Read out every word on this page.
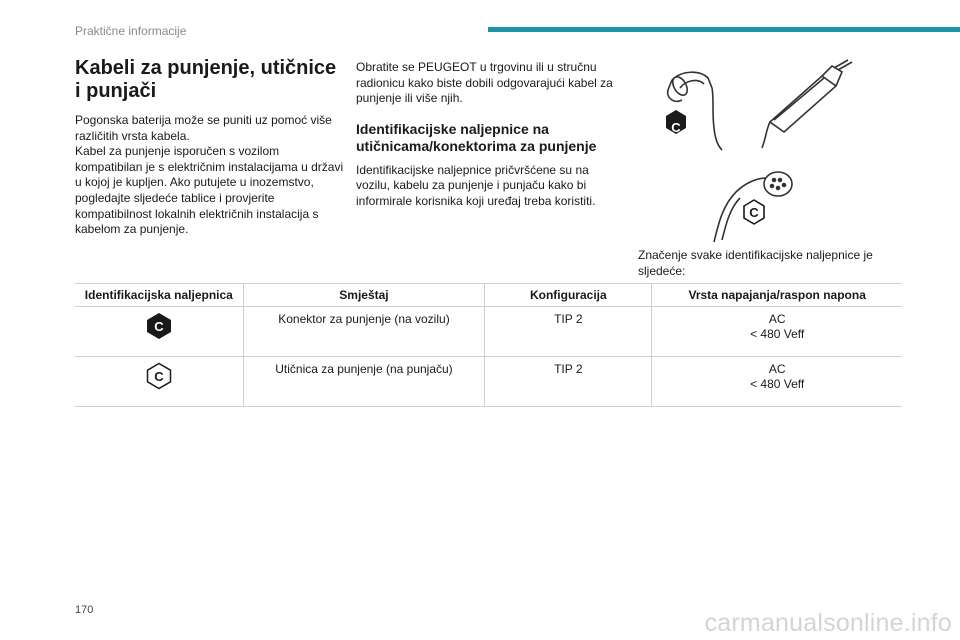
Praktične informacije
Kabeli za punjenje, utičnice i punjači

Pogonska baterija može se puniti uz pomoć više različitih vrsta kabela.

Kabel za punjenje isporučen s vozilom kompatibilan je s električnim instalacijama u državi u kojoj je kupljen. Ako putujete u inozemstvo, pogledajte sljedeće tablice i provjerite kompatibilnost lokalnih električnih instalacija s kabelom za punjenje.

Obratite se PEUGEOT u trgovinu ili u stručnu radionicu kako biste dobili odgovarajući kabel za punjenje ili više njih.

Identifikacijske naljepnice na utičnicama/konektorima za punjenje

Identifikacijske naljepnice pričvršćene su na vozilu, kabelu za punjenje i punjaču kako bi informirale korisnika koji uređaj treba koristiti.

C
C
Značenje svake identifikacijske naljepnice je sljedeće:
Identifikacijska naljepnica	Smještaj	Konfiguracija	Vrsta napajanja/raspon napona

C	Konektor za punjenje (na vozilu)	TIP 2	AC
< 480 Veff

C	Utičnica za punjenje (na punjaču)	TIP 2	AC
< 480 Veff
170	carmanualsonline.info
